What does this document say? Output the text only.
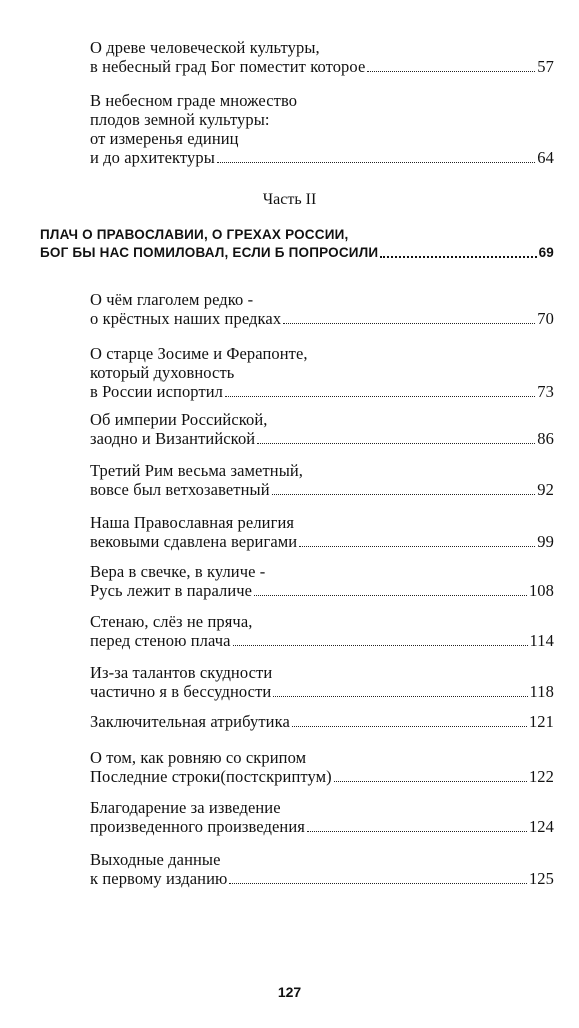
О древе человеческой культуры,
в небесный град Бог поместит которое	57
В небесном граде множество
плодов земной культуры:
от измеренья единиц
и до архитектуры	64
Часть II
ПЛАЧ О ПРАВОСЛАВИИ, О ГРЕХАХ РОССИИ,
БОГ БЫ НАС ПОМИЛОВАЛ, ЕСЛИ Б ПОПРОСИЛИ	69
О чём глаголем редко -
о крёстных наших предках	70
О старце Зосиме и Ферапонте,
который духовность
в России испортил	73
Об империи Российской,
заодно и Византийской	86
Третий Рим весьма заметный,
вовсе был ветхозаветный	92
Наша Православная религия
вековыми сдавлена веригами	99
Вера в свечке, в куличе -
Русь лежит в параличе	108
Стенаю, слёз не пряча,
перед стеною плача	114
Из-за талантов скудности
частично я в бессудности	118
Заключительная атрибутика	121
О том, как ровняю со скрипом
Последние строки(постскриптум)	122
Благодарение за изведение
произведенного произведения	124
Выходные данные
к первому изданию	125
127
